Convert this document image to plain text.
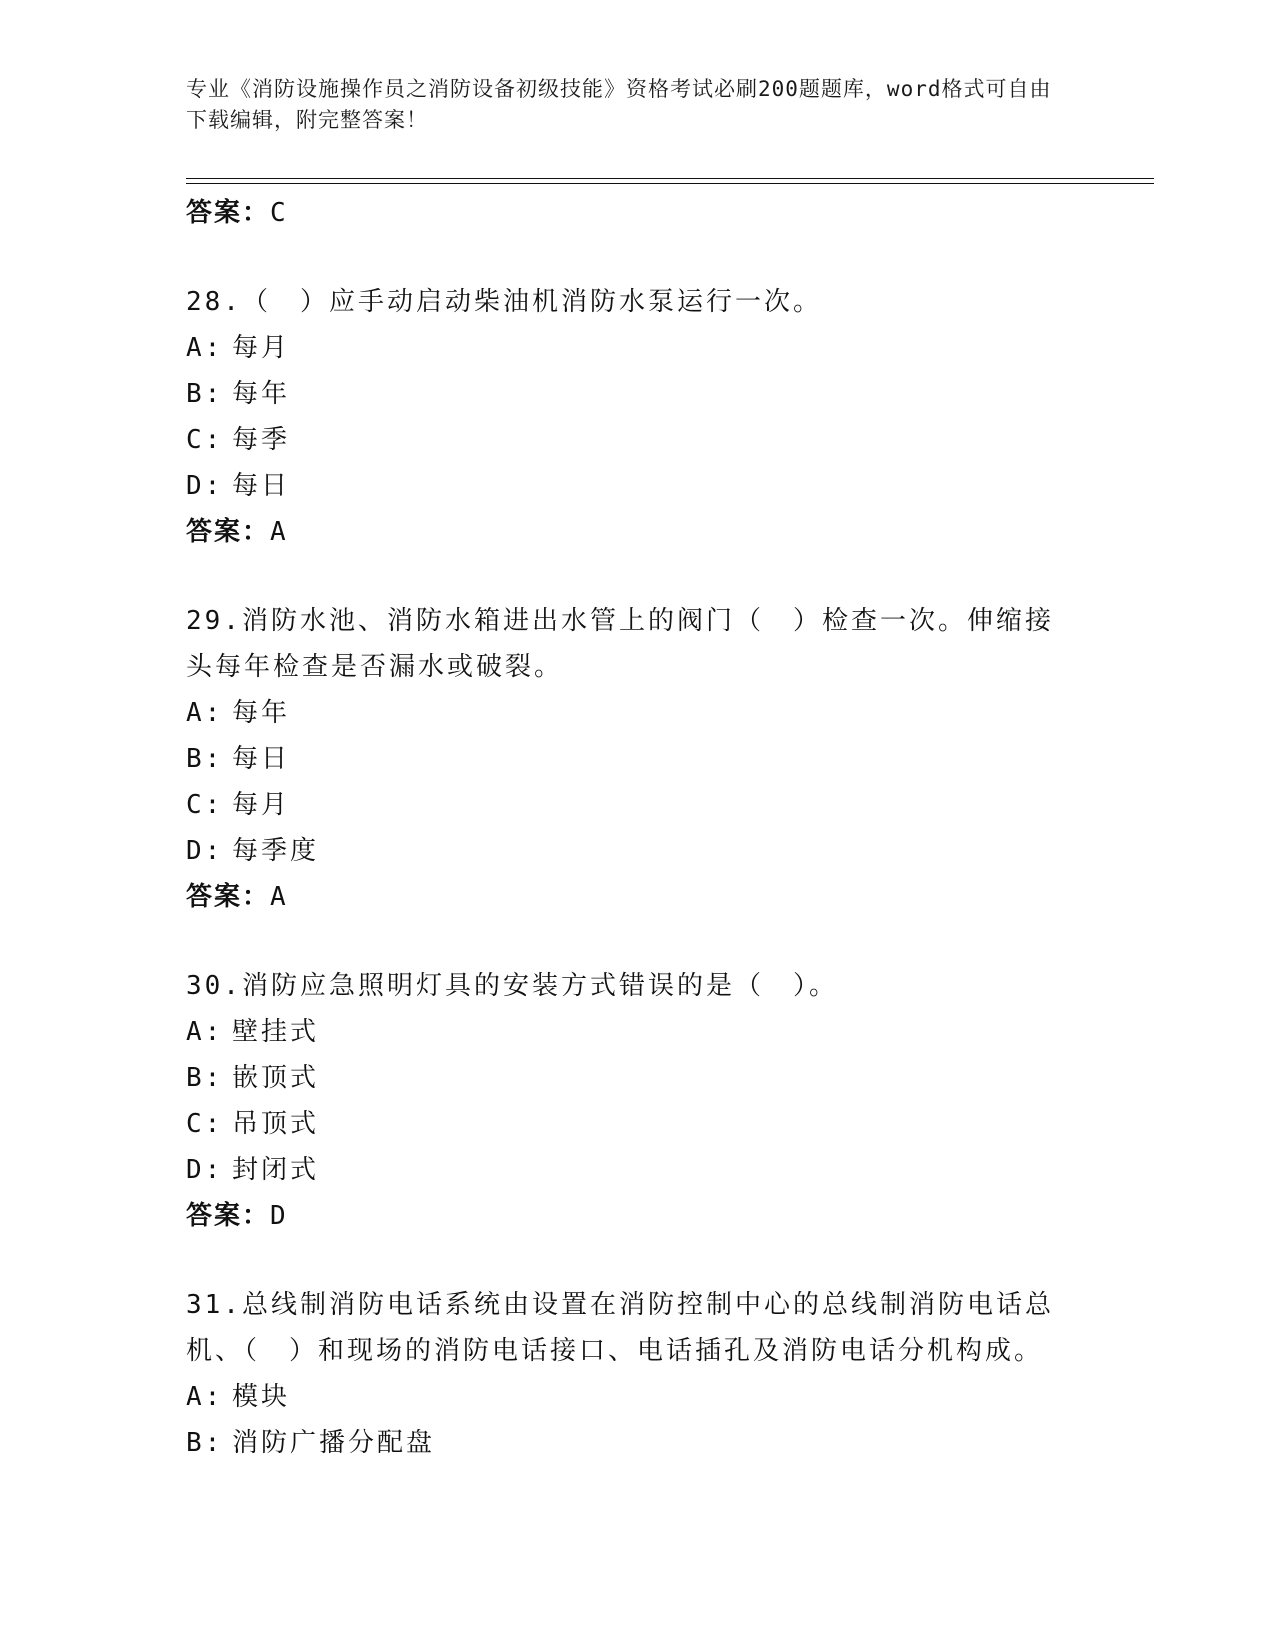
专业《消防设施操作员之消防设备初级技能》资格考试必刷200题题库，word格式可自由下载编辑，附完整答案！
答案：C
28.（　）应手动启动柴油机消防水泵运行一次。
A: 每月
B: 每年
C: 每季
D: 每日
答案：A
29.消防水池、消防水箱进出水管上的阀门（　）检查一次。伸缩接头每年检查是否漏水或破裂。
A: 每年
B: 每日
C: 每月
D: 每季度
答案：A
30.消防应急照明灯具的安装方式错误的是（　）。
A: 壁挂式
B: 嵌顶式
C: 吊顶式
D: 封闭式
答案：D
31.总线制消防电话系统由设置在消防控制中心的总线制消防电话总机、（　）和现场的消防电话接口、电话插孔及消防电话分机构成。
A: 模块
B: 消防广播分配盘
